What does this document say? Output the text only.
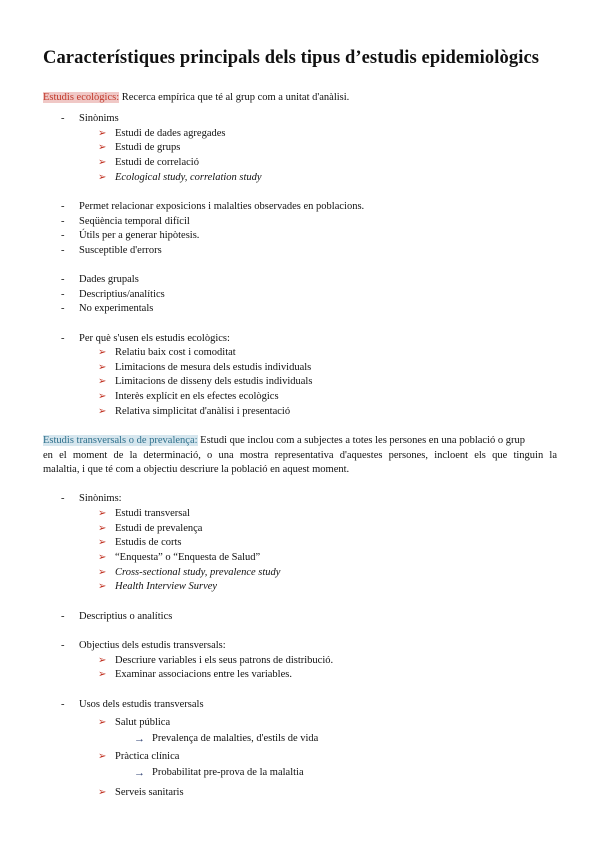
Característiques principals dels tipus d’estudis epidemiològics
Estudis ecològics: Recerca empírica que té al grup com a unitat d'anàlisi.
- Sinònims
➢ Estudi de dades agregades
➢ Estudi de grups
➢ Estudi de correlació
➢ Ecological study, correlation study
- Permet relacionar exposicions i malalties observades en poblacions.
- Seqüència temporal difícil
- Útils per a generar hipòtesis.
- Susceptible d'errors
- Dades grupals
- Descriptius/analítics
- No experimentals
- Per què s'usen els estudis ecològics:
➢ Relatiu baix cost i comoditat
➢ Limitacions de mesura dels estudis individuals
➢ Limitacions de disseny dels estudis individuals
➢ Interès explícit en els efectes ecològics
➢ Relativa simplicitat d'anàlisi i presentació
Estudis transversals o de prevalença: Estudi que inclou com a subjectes a totes les persones en una població o grup
en el moment de la determinació, o una mostra representativa d'aquestes persones, incloent els que tinguin la
malaltia, i que té com a objectiu descriure la població en aquest moment.
- Sinònims:
➢ Estudi transversal
➢ Estudi de prevalença
➢ Estudis de corts
➢ “Enquesta” o “Enquesta de Salud”
➢ Cross-sectional study, prevalence study
➢ Health Interview Survey
- Descriptius o analítics
- Objectius dels estudis transversals:
➢ Descriure variables i els seus patrons de distribució.
➢ Examinar associacions entre les variables.
- Usos dels estudis transversals
➢ Salut pública
→ Prevalença de malalties, d'estils de vida
➢ Pràctica clínica
→ Probabilitat pre-prova de la malaltia
➢ Serveis sanitaris
